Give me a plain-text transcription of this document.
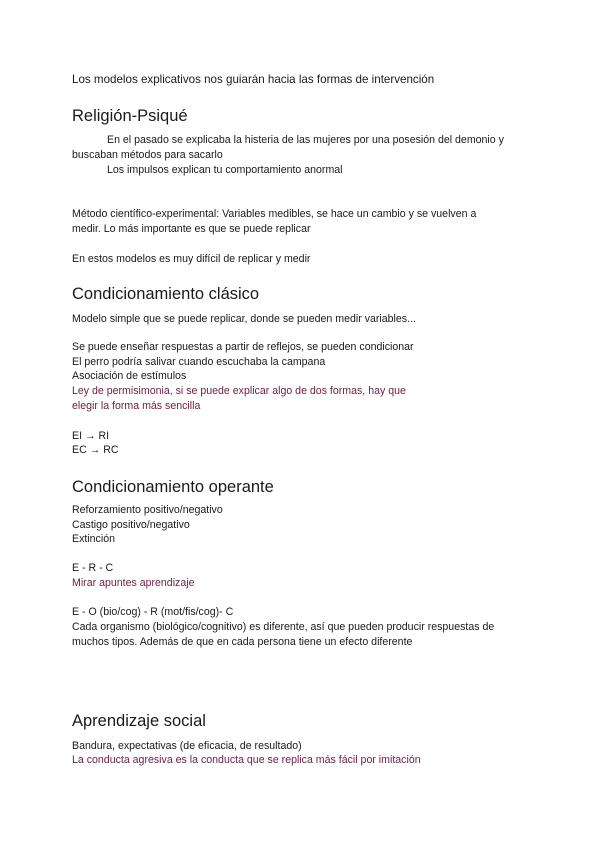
Los modelos explicativos nos guiarán hacia las formas de intervención
Religión-Psiqué
En el pasado se explicaba la histeria de las mujeres por una posesión del demonio y
buscaban métodos para sacarlo
Los impulsos explican tu comportamiento anormal
Método científico-experimental: Variables medibles, se hace un cambio y se vuelven a
medir. Lo más importante es que se puede replicar
En estos modelos es muy difícil de replicar y medir
Condicionamiento clásico
Modelo simple que se puede replicar, donde se pueden medir variables...
Se puede enseñar respuestas a partir de reflejos, se pueden condicionar
El perro podría salivar cuando escuchaba la campana
Asociación de estímulos
Ley de permisimonia, si se puede explicar algo de dos formas, hay que
elegir la forma más sencilla
EI → RI
EC → RC
Condicionamiento operante
Reforzamiento positivo/negativo
Castigo positivo/negativo
Extinción
E - R - C
Mirar apuntes aprendizaje
E - O (bio/cog) - R (mot/fis/cog)- C
Cada organismo (biológico/cognitivo) es diferente, así que pueden producir respuestas de
muchos tipos. Además de que en cada persona tiene un efecto diferente
Aprendizaje social
Bandura, expectativas (de eficacia, de resultado)
La conducta agresiva es la conducta que se replica más fácil por imitación
